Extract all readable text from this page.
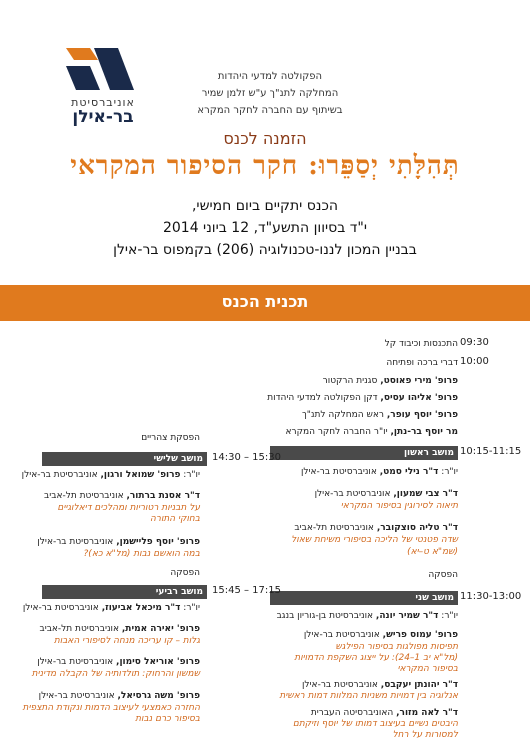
אוניברסיטת
בר-אילן
הפקולטה למדעי היהדות
המחלקה לתנ"ך ע"ש זלמן שמיר
בשיתוף עם החברה לחקר המקרא
הזמנה לכנס
תְּהִלָּתִי יְסַפֵּרוּ: חקר הסיפור המקראי
הכנס יתקיים ביום חמישי,
י"ד בסיוון התשע"ד, 12 ביוני 2014
בבניין המכון לננו-טכנולוגיה (206) בקמפוס בר-אילן
תכנית הכנס
09:30
התכנסות וכיבוד קל
10:00
דברי ברכה ופתיחה
פרופ' מירי פאוסט, סגנית הרקטור
פרופ' אליהו עסיס, דקן הפקולטה למדעי היהדות
פרופ' יוסף עופר, ראש המחלקה לתנ"ך
מר יוסף בר-נתן, יו"ר החברה לחקר המקרא
הפסקת צהריים
10:15-11:15
מושב ראשון
יו"ר: ד"ר נילי סמט, אוניברסיטת בר-אילן
ד"ר צבי שמעון, אוניברסיטת בר-אילן
תיאוה לסירוגין בסיפור המקראי
ד"ר טליה סוצקובר, אוניברסיטת תל-אביב
שדה פטנטי של הליכה בסיפורי משיחת שאול
(שמ"א ט–יא)
הפסקה
11:30-13:00
מושב שני
יו"ר: ד"ר שמיר יונה, אוניברסיטת בן-גוריון בנגב
פרופ' עמוס פריש, אוניברסיטת בר-אילן
תפיסות מפולגות בסיפור הפילגש
(מל"א יב 1–24): על ייצוג השקפת הדמויות
בסיפור המקראי
ד"ר יהונתן יעקבס, אוניברסיטת בר-אילן
אנלוגיה בין דמויות משניות המלוות דמות ראשית
ד"ר לאה מזור, האוניברסיטה העברית
היבטים נשיים בעיצוב דמותו של יוסף וזיקתם
למסורות על רחל
14:30 – 15:30
מושב שלישי
יו"ר: פרופ' שמואל ורגון, אוניברסיטת בר-אילן
ד"ר אסנת ברתור, אוניברסיטת תל-אביב
על תבניות רטוריות ומהלכים דיאלוגיים
בחוקי התורה
פרופ' יוסף פליישמן, אוניברסיטת בר-אילן
במה הואשם נבות (מל"א כא)?
הפסקה
15:45 – 17:15
מושב רביעי
יו"ר: ד"ר מיכאל אביעוז, אוניברסיטת בר-אילן
פרופ' יאירה אמית, אוניברסיטת תל-אביב
גלות – קו עריכה מנחה לסיפורי האבות
פרופ' אוריאל סימון, אוניברסיטת בר-אילן
שמשון והרחוק: תולדותיה של הקבלה מדינית
פרופ' משה גרסיאל, אוניברסיטת בר-אילן
החזרה כאמצעי לעיצוב הדמות ונקודת התצפית
בסיפור כרם נבות
